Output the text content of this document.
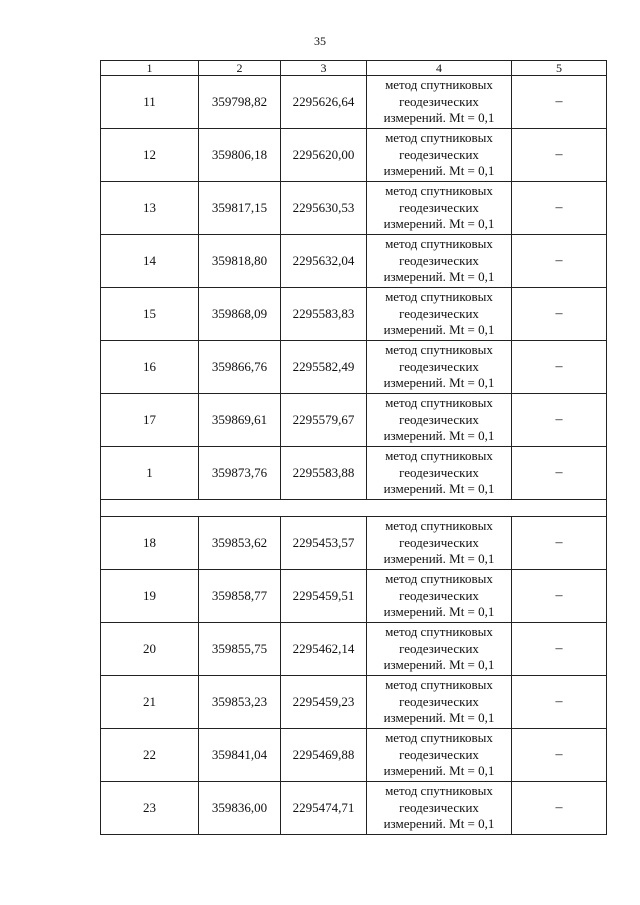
35
1	2	3	4	5
11	359798,82	2295626,64	метод спутниковых
геодезических
измерений. Mt = 0,1	–
12	359806,18	2295620,00	метод спутниковых
геодезических
измерений. Mt = 0,1	–
13	359817,15	2295630,53	метод спутниковых
геодезических
измерений. Mt = 0,1	–
14	359818,80	2295632,04	метод спутниковых
геодезических
измерений. Mt = 0,1	–
15	359868,09	2295583,83	метод спутниковых
геодезических
измерений. Mt = 0,1	–
16	359866,76	2295582,49	метод спутниковых
геодезических
измерений. Mt = 0,1	–
17	359869,61	2295579,67	метод спутниковых
геодезических
измерений. Mt = 0,1	–
1	359873,76	2295583,88	метод спутниковых
геодезических
измерений. Mt = 0,1	–

18	359853,62	2295453,57	метод спутниковых
геодезических
измерений. Mt = 0,1	–
19	359858,77	2295459,51	метод спутниковых
геодезических
измерений. Mt = 0,1	–
20	359855,75	2295462,14	метод спутниковых
геодезических
измерений. Mt = 0,1	–
21	359853,23	2295459,23	метод спутниковых
геодезических
измерений. Mt = 0,1	–
22	359841,04	2295469,88	метод спутниковых
геодезических
измерений. Mt = 0,1	–
23	359836,00	2295474,71	метод спутниковых
геодезических
измерений. Mt = 0,1	–
